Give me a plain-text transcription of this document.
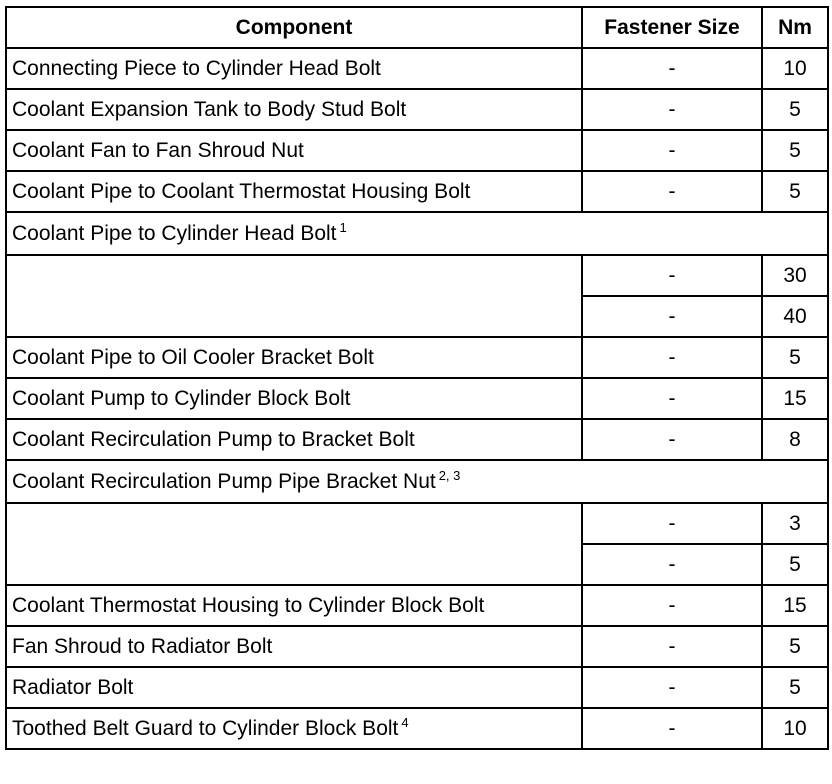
Component	Fastener Size	Nm
Connecting Piece to Cylinder Head Bolt	-	10
Coolant Expansion Tank to Body Stud Bolt	-	5
Coolant Fan to Fan Shroud Nut	-	5
Coolant Pipe to Coolant Thermostat Housing Bolt	-	5
Coolant Pipe to Cylinder Head Bolt $^1$
	-	30
	-	40
Coolant Pipe to Oil Cooler Bracket Bolt	-	5
Coolant Pump to Cylinder Block Bolt	-	15
Coolant Recirculation Pump to Bracket Bolt	-	8
Coolant Recirculation Pump Pipe Bracket Nut $^{2, 3}$
	-	3
	-	5
Coolant Thermostat Housing to Cylinder Block Bolt	-	15
Fan Shroud to Radiator Bolt	-	5
Radiator Bolt	-	5
Toothed Belt Guard to Cylinder Block Bolt $^4$	-	10
